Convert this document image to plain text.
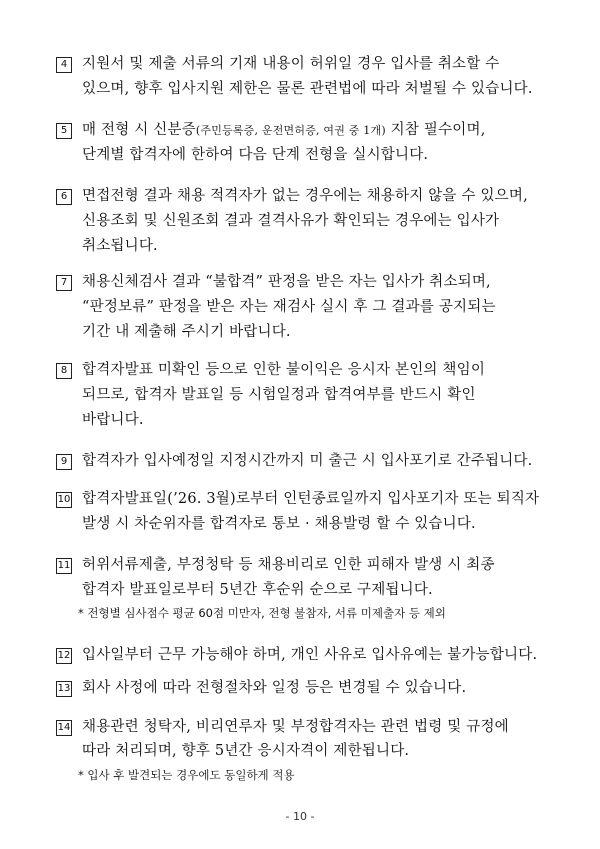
4	지원서 및 제출 서류의 기재 내용이 허위일 경우 입사를 취소할 수
있으며, 향후 입사지원 제한은 물론 관련법에 따라 처벌될 수 있습니다.
5	매 전형 시 신분증(주민등록증, 운전면허증, 여권 중 1개) 지참 필수이며,
단계별 합격자에 한하여 다음 단계 전형을 실시합니다.
6	면접전형 결과 채용 적격자가 없는 경우에는 채용하지 않을 수 있으며,
신용조회 및 신원조회 결과 결격사유가 확인되는 경우에는 입사가
취소됩니다.
7	채용신체검사 결과 “불합격” 판정을 받은 자는 입사가 취소되며,
“판정보류” 판정을 받은 자는 재검사 실시 후 그 결과를 공지되는
기간 내 제출해 주시기 바랍니다.
8	합격자발표 미확인 등으로 인한 불이익은 응시자 본인의 책임이
되므로, 합격자 발표일 등 시험일정과 합격여부를 반드시 확인
바랍니다.
9	합격자가 입사예정일 지정시간까지 미 출근 시 입사포기로 간주됩니다.
10 합격자발표일(’26. 3월)로부터 인턴종료일까지 입사포기자 또는 퇴직자
발생 시 차순위자를 합격자로 통보 · 채용발령 할 수 있습니다.
11 허위서류제출, 부정청탁 등 채용비리로 인한 피해자 발생 시 최종
합격자 발표일로부터 5년간 후순위 순으로 구제됩니다.
* 전형별 심사점수 평균 60점 미만자, 전형 불참자, 서류 미제출자 등 제외
12 입사일부터 근무 가능해야 하며, 개인 사유로 입사유예는 불가능합니다.
13 회사 사정에 따라 전형절차와 일정 등은 변경될 수 있습니다.
14 채용관련 청탁자, 비리연루자 및 부정합격자는 관련 법령 및 규정에
따라 처리되며, 향후 5년간 응시자격이 제한됩니다.
* 입사 후 발견되는 경우에도 동일하게 적용
- 10 -
